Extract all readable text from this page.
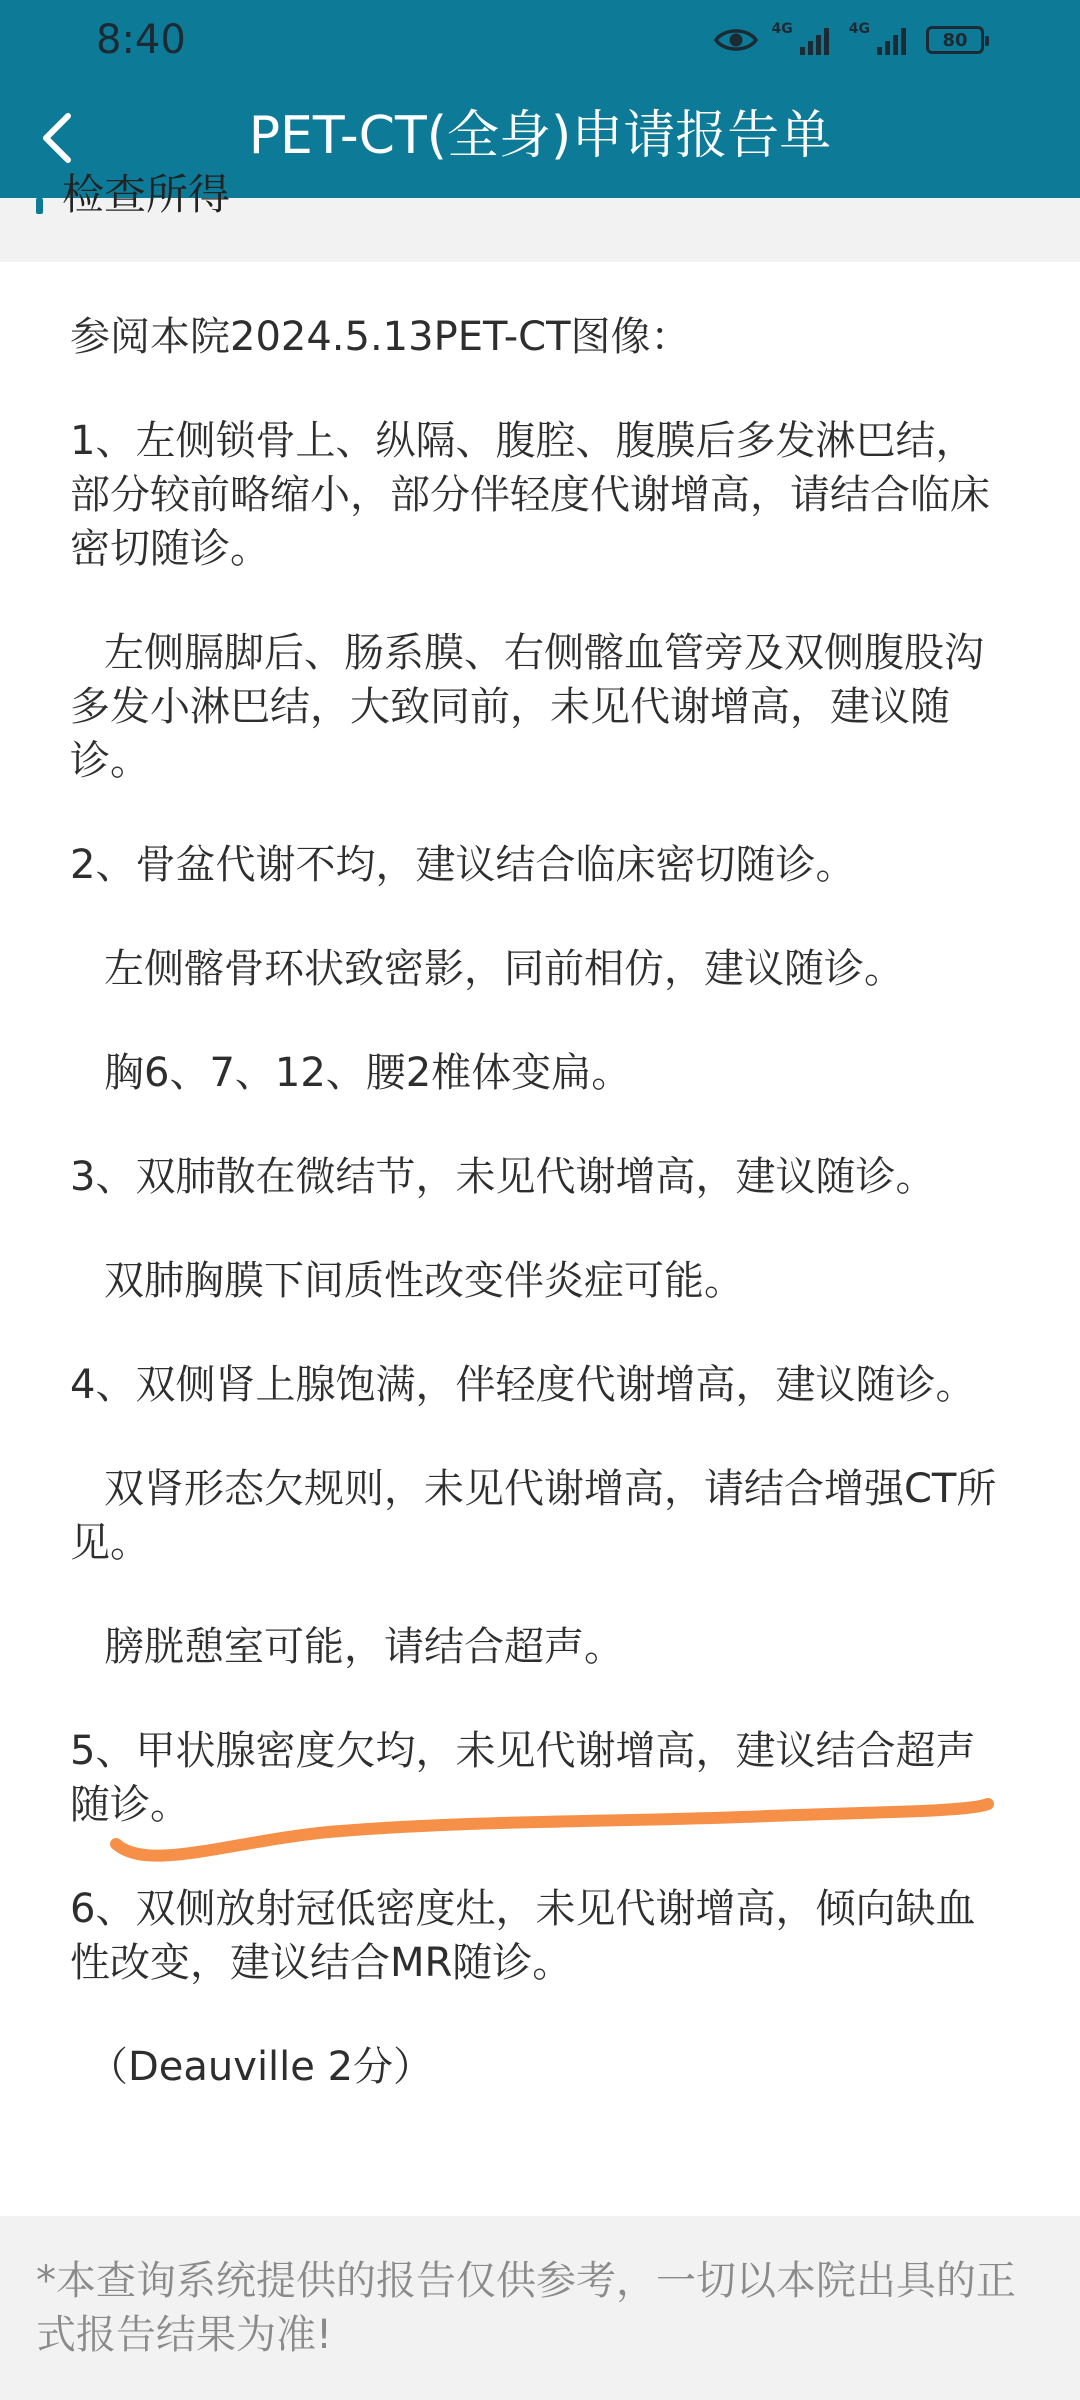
8:40	4G	4G
80
PET-CT(全身)申请报告单
检查所得

参阅本院2024.5.13PET-CT图像：

1、左侧锁骨上、纵隔、腹腔、腹膜后多发淋巴结，部分较前略缩小，部分伴轻度代谢增高，请结合临床密切随诊。

左侧膈脚后、肠系膜、右侧髂血管旁及双侧腹股沟多发小淋巴结，大致同前，未见代谢增高，建议随诊。

2、骨盆代谢不均，建议结合临床密切随诊。

左侧髂骨环状致密影，同前相仿，建议随诊。

胸6、7、12、腰2椎体变扁。

3、双肺散在微结节，未见代谢增高，建议随诊。

双肺胸膜下间质性改变伴炎症可能。

4、双侧肾上腺饱满，伴轻度代谢增高，建议随诊。

双肾形态欠规则，未见代谢增高，请结合增强CT所见。

膀胱憩室可能，请结合超声。

5、甲状腺密度欠均，未见代谢增高，建议结合超声随诊。

6、双侧放射冠低密度灶，未见代谢增高，倾向缺血性改变，建议结合MR随诊。

（Deauville 2分）

*本查询系统提供的报告仅供参考，一切以本院出具的正式报告结果为准!
